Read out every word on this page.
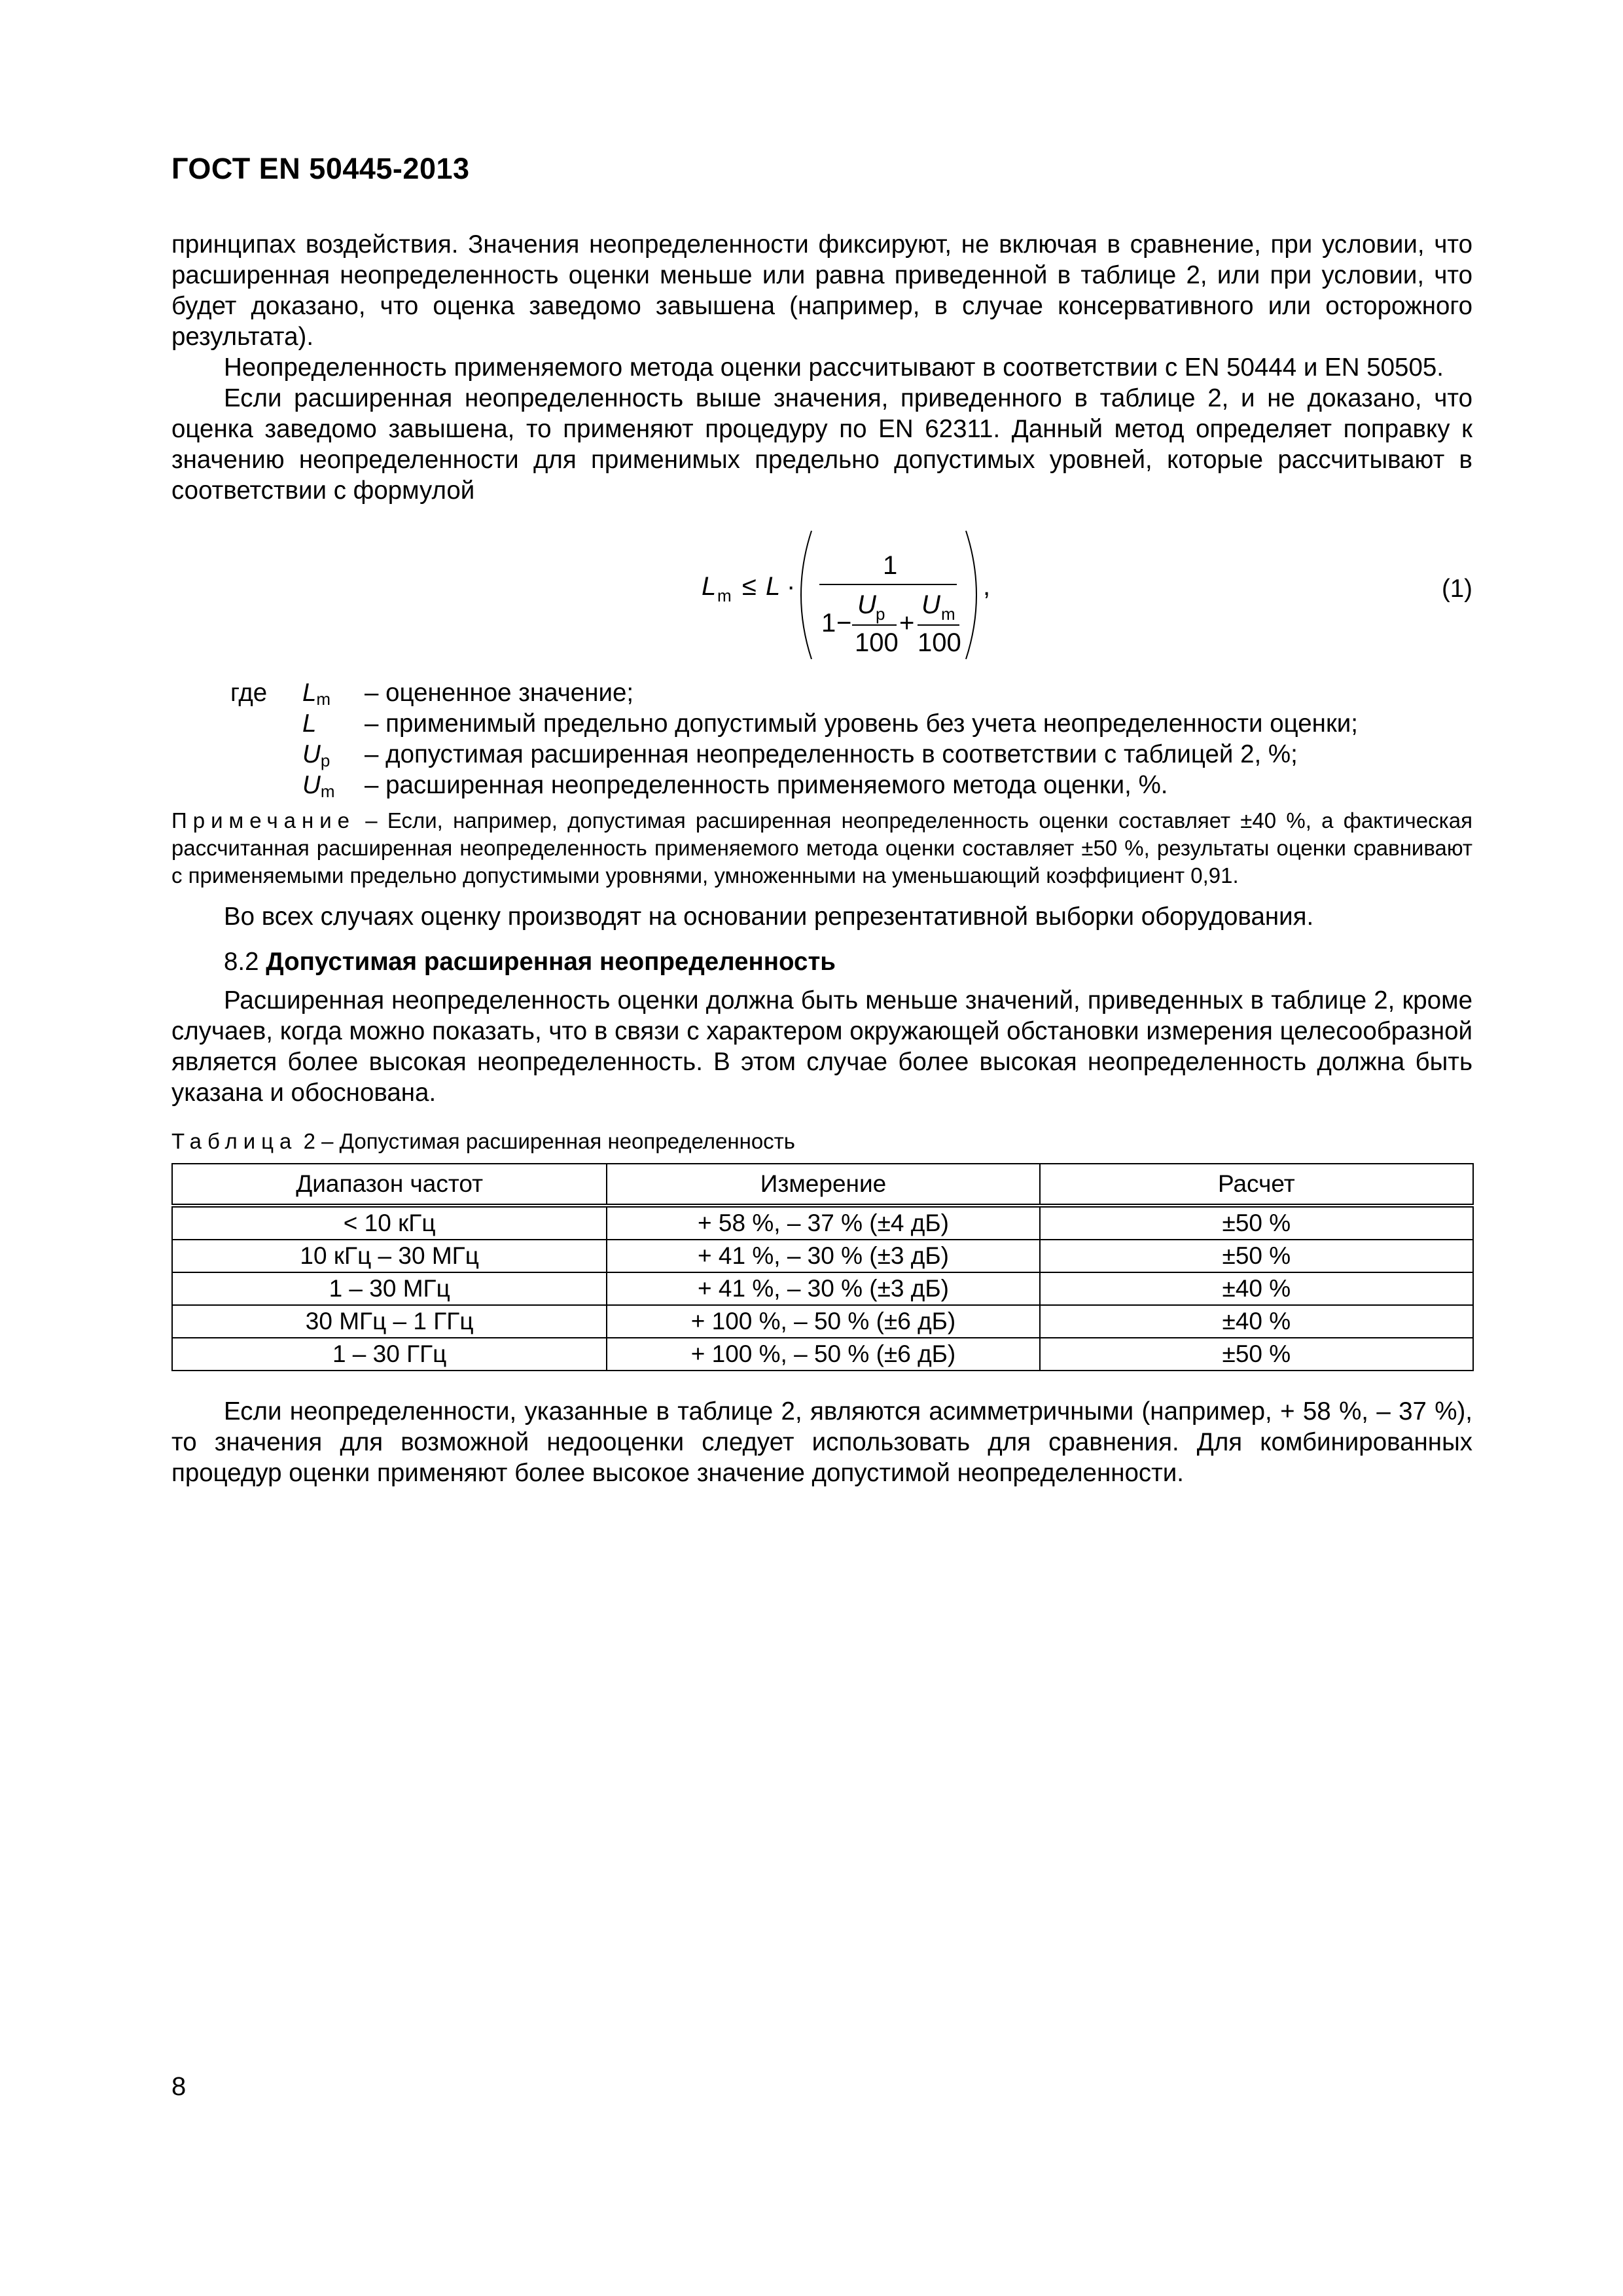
ГОСТ EN 50445-2013

принципах воздействия. Значения неопределенности фиксируют, не включая в сравнение, при условии, что расширенная неопределенность оценки меньше или равна приведенной в таблице 2, или при условии, что будет доказано, что оценка заведомо завышена (например, в случае консервативного или осторожного результата).

Неопределенность применяемого метода оценки рассчитывают в соответствии с EN 50444 и EN 50505.

Если расширенная неопределенность выше значения, приведенного в таблице 2, и не доказано, что оценка заведомо завышена, то применяют процедуру по EN 62311. Данный метод определяет поправку к значению неопределенности для применимых предельно допустимых уровней, которые рассчитывают в соответствии с формулой

L m ≤ L ·
1
1 −
U p
100
+
U m
100
,	(1)
где	$L_m$	– оцененное значение;
L	– применимый предельно допустимый уровень без учета неопределенности оценки;
$U_p$	– допустимая расширенная неопределенность в соответствии с таблицей 2, %;
$U_m$	– расширенная неопределенность применяемого метода оценки, %.
Примечание – Если, например, допустимая расширенная неопределенность оценки составляет ±40 %, а фактическая рассчитанная расширенная неопределенность применяемого метода оценки составляет ±50 %, результаты оценки сравнивают с применяемыми предельно допустимыми уровнями, умноженными на уменьшающий коэффициент 0,91.

Во всех случаях оценку производят на основании репрезентативной выборки оборудования.

8.2 Допустимая расширенная неопределенность

Расширенная неопределенность оценки должна быть меньше значений, приведенных в таблице 2, кроме случаев, когда можно показать, что в связи с характером окружающей обстановки измерения целесообразной является более высокая неопределенность. В этом случае более высокая неопределенность должна быть указана и обоснована.

Таблица 2 – Допустимая расширенная неопределенность
Диапазон частот	Измерение	Расчет
< 10 кГц	+ 58 %, – 37 % (±4 дБ)	±50 %
10 кГц – 30 МГц	+ 41 %, – 30 % (±3 дБ)	±50 %
1 – 30 МГц	+ 41 %, – 30 % (±3 дБ)	±40 %
30 МГц – 1 ГГц	+ 100 %, – 50 % (±6 дБ)	±40 %
1 – 30 ГГц	+ 100 %, – 50 % (±6 дБ)	±50 %

Если неопределенности, указанные в таблице 2, являются асимметричными (например, + 58 %, – 37 %), то значения для возможной недооценки следует использовать для сравнения. Для комбинированных процедур оценки применяют более высокое значение допустимой неопределенности.

8
